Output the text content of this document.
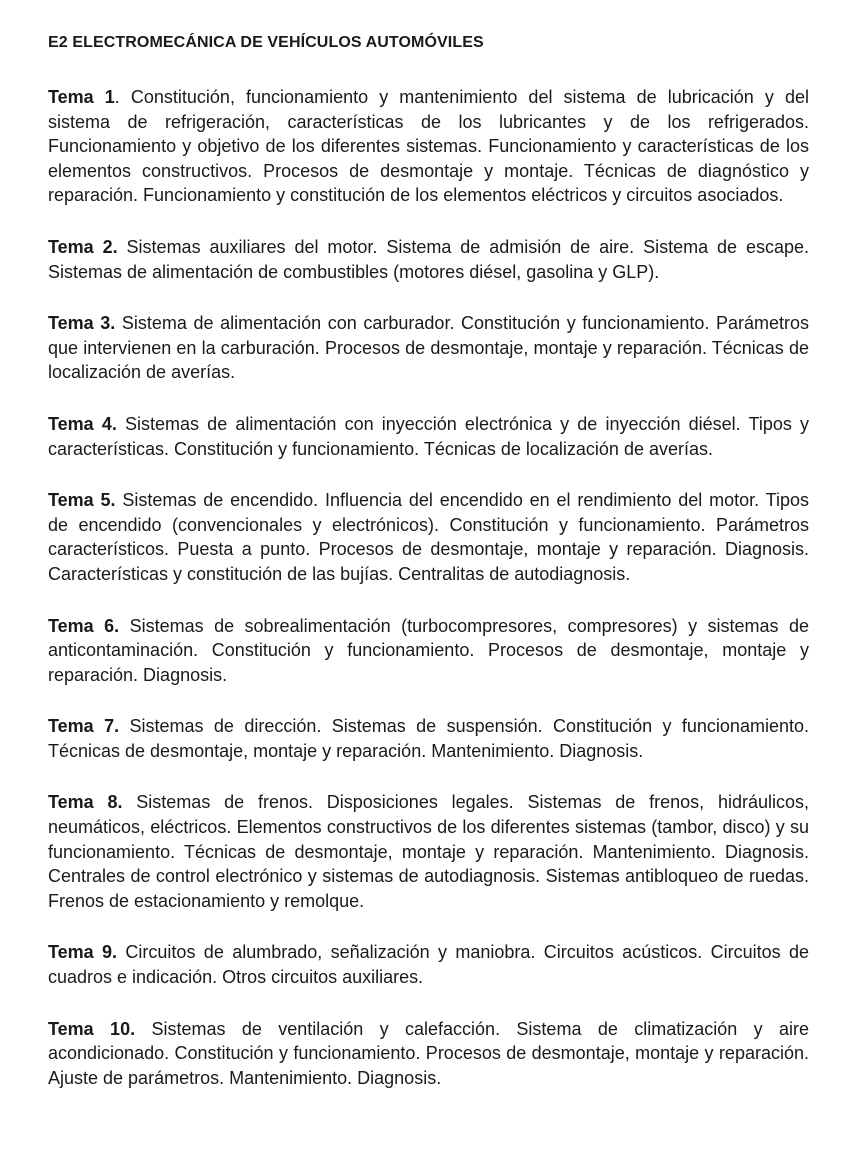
E2 ELECTROMECÁNICA DE VEHÍCULOS AUTOMÓVILES

Tema 1. Constitución, funcionamiento y mantenimiento del sistema de lubricación y del sistema de refrigeración, características de los lubricantes y de los refrigerados. Funcionamiento y objetivo de los diferentes sistemas. Funcionamiento y características de los elementos constructivos. Procesos de desmontaje y montaje. Técnicas de diagnóstico y reparación. Funcionamiento y constitución de los elementos eléctricos y circuitos asociados.

Tema 2. Sistemas auxiliares del motor. Sistema de admisión de aire. Sistema de escape. Sistemas de alimentación de combustibles (motores diésel, gasolina y GLP).

Tema 3. Sistema de alimentación con carburador. Constitución y funcionamiento. Parámetros que intervienen en la carburación. Procesos de desmontaje, montaje y reparación. Técnicas de localización de averías.

Tema 4. Sistemas de alimentación con inyección electrónica y de inyección diésel. Tipos y características. Constitución y funcionamiento. Técnicas de localización de averías.

Tema 5. Sistemas de encendido. Influencia del encendido en el rendimiento del motor. Tipos de encendido (convencionales y electrónicos). Constitución y funcionamiento. Parámetros característicos. Puesta a punto. Procesos de desmontaje, montaje y reparación. Diagnosis. Características y constitución de las bujías. Centralitas de autodiagnosis.

Tema 6. Sistemas de sobrealimentación (turbocompresores, compresores) y sistemas de anticontaminación. Constitución y funcionamiento. Procesos de desmontaje, montaje y reparación. Diagnosis.

Tema 7. Sistemas de dirección. Sistemas de suspensión. Constitución y funcionamiento. Técnicas de desmontaje, montaje y reparación. Mantenimiento. Diagnosis.

Tema 8. Sistemas de frenos. Disposiciones legales. Sistemas de frenos, hidráulicos, neumáticos, eléctricos. Elementos constructivos de los diferentes sistemas (tambor, disco) y su funcionamiento. Técnicas de desmontaje, montaje y reparación. Mantenimiento. Diagnosis. Centrales de control electrónico y sistemas de autodiagnosis. Sistemas antibloqueo de ruedas. Frenos de estacionamiento y remolque.

Tema 9. Circuitos de alumbrado, señalización y maniobra. Circuitos acústicos. Circuitos de cuadros e indicación. Otros circuitos auxiliares.

Tema 10. Sistemas de ventilación y calefacción. Sistema de climatización y aire acondicionado. Constitución y funcionamiento. Procesos de desmontaje, montaje y reparación. Ajuste de parámetros. Mantenimiento. Diagnosis.
